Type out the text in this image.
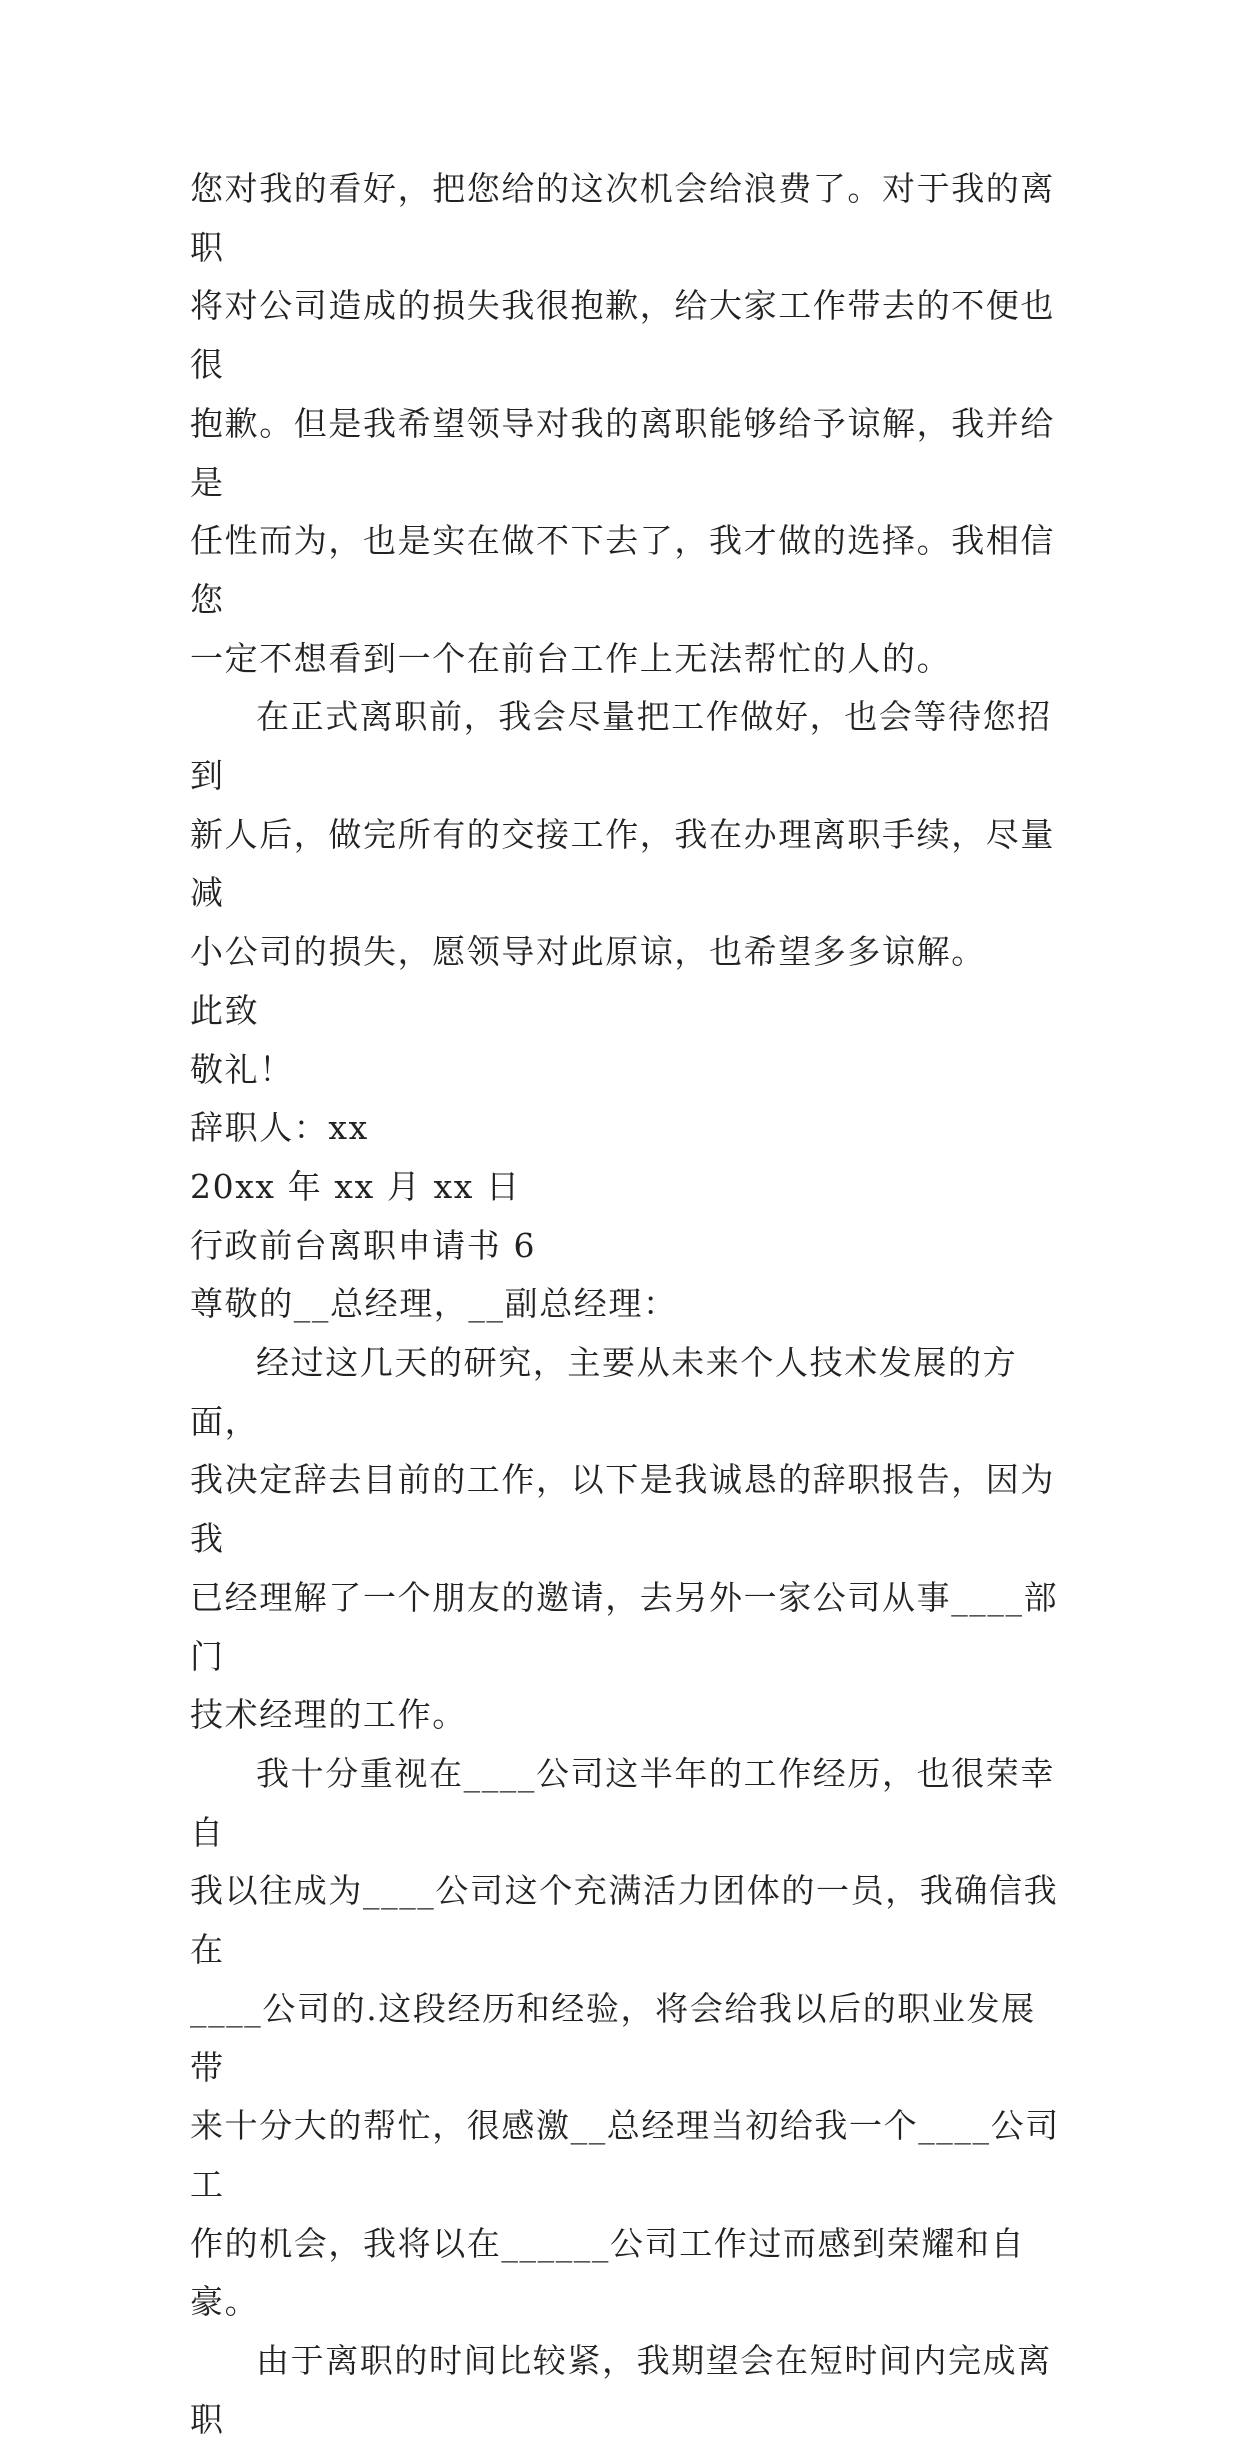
您对我的看好，把您给的这次机会给浪费了。对于我的离职

将对公司造成的损失我很抱歉，给大家工作带去的不便也很

抱歉。但是我希望领导对我的离职能够给予谅解，我并给是

任性而为，也是实在做不下去了，我才做的选择。我相信您

一定不想看到一个在前台工作上无法帮忙的人的。

在正式离职前，我会尽量把工作做好，也会等待您招到

新人后，做完所有的交接工作，我在办理离职手续，尽量减

小公司的损失，愿领导对此原谅，也希望多多谅解。

此致

敬礼！

辞职人：xx

20xx 年 xx 月 xx 日

行政前台离职申请书 6

尊敬的__总经理，__副总经理：

经过这几天的研究，主要从未来个人技术发展的方面，

我决定辞去目前的工作，以下是我诚恳的辞职报告，因为我

已经理解了一个朋友的邀请，去另外一家公司从事____部门

技术经理的工作。

我十分重视在____公司这半年的工作经历，也很荣幸自

我以往成为____公司这个充满活力团体的一员，我确信我在

____公司的.这段经历和经验，将会给我以后的职业发展带

来十分大的帮忙，很感激__总经理当初给我一个____公司工

作的机会，我将以在______公司工作过而感到荣耀和自豪。

由于离职的时间比较紧，我期望会在短时间内完成离职
